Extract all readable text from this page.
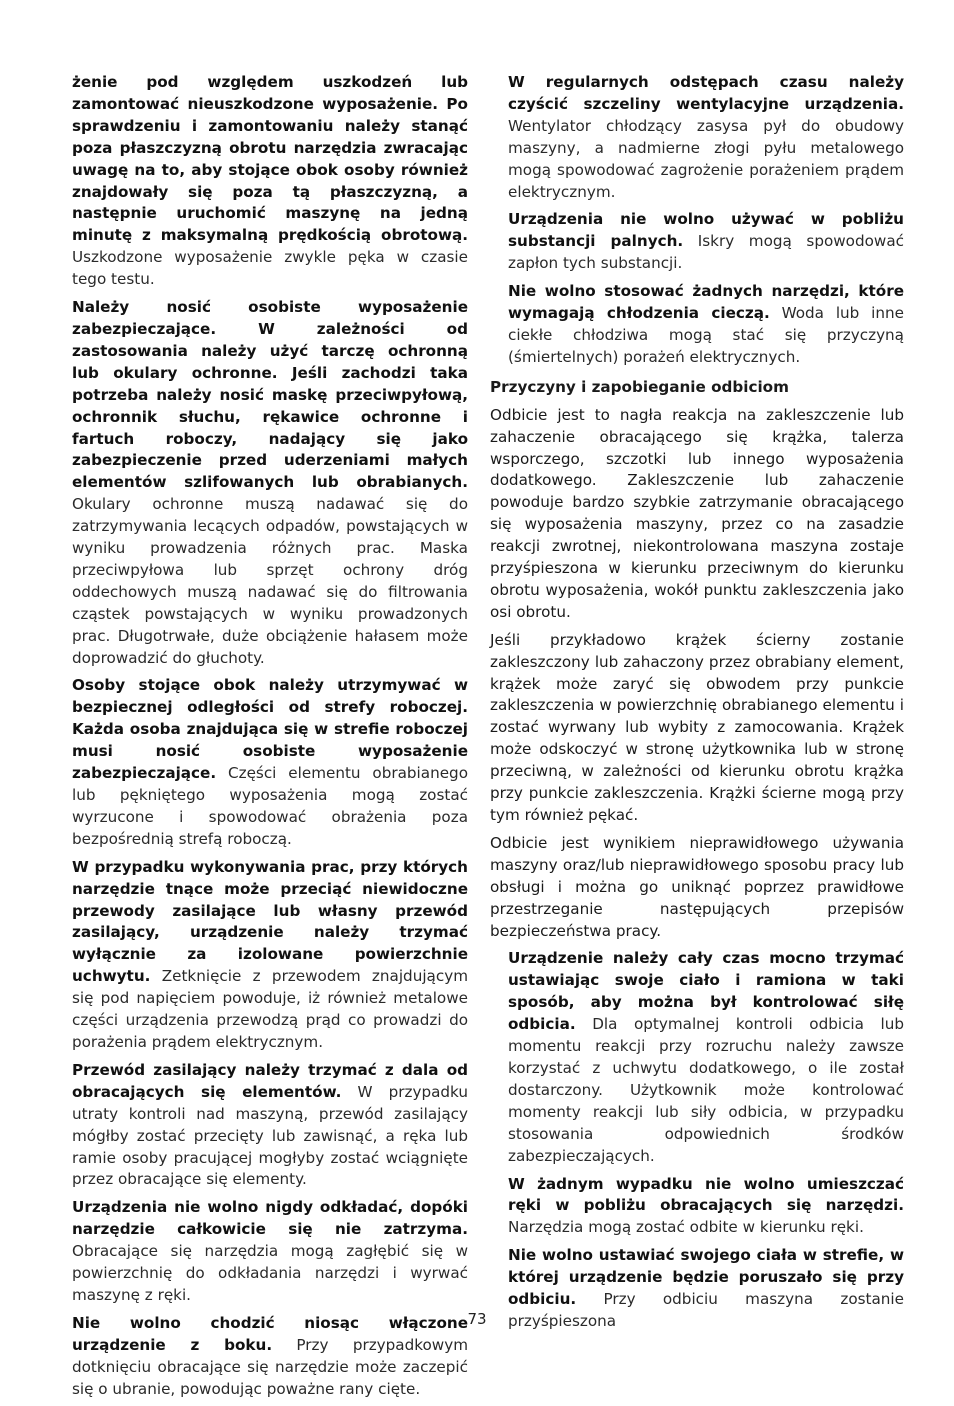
żenie pod względem uszkodzeń lub zamontować nieuszkodzone wyposażenie. Po sprawdzeniu i zamontowaniu należy stanąć poza płaszczyzną obrotu narzędzia zwracając uwagę na to, aby stojące obok osoby również znajdowały się poza tą płaszczyzną, a następnie uruchomić maszynę na jedną minutę z maksymalną prędkością obrotową. Uszkodzone wyposażenie zwykle pęka w czasie tego testu.

Należy nosić osobiste wyposażenie zabezpieczające. W zależności od zastosowania należy użyć tarczę ochronną lub okulary ochronne. Jeśli zachodzi taka potrzeba należy nosić maskę przeciwpyłową, ochronnik słuchu, rękawice ochronne i fartuch roboczy, nadający się jako zabezpieczenie przed uderzeniami małych elementów szlifowanych lub obrabianych. Okulary ochronne muszą nadawać się do zatrzymywania lecących odpadów, powstających w wyniku prowadzenia różnych prac. Maska przeciwpyłowa lub sprzęt ochrony dróg oddechowych muszą nadawać się do filtrowania cząstek powstających w wyniku prowadzonych prac. Długotrwałe, duże obciążenie hałasem może doprowadzić do głuchoty.

Osoby stojące obok należy utrzymywać w bezpiecznej odległości od strefy roboczej. Każda osoba znajdująca się w strefie roboczej musi nosić osobiste wyposażenie zabezpieczające. Części elementu obrabianego lub pękniętego wyposażenia mogą zostać wyrzucone i spowodować obrażenia poza bezpośrednią strefą roboczą.

W przypadku wykonywania prac, przy których narzędzie tnące może przeciąć niewidoczne przewody zasilające lub własny przewód zasilający, urządzenie należy trzymać wyłącznie za izolowane powierzchnie uchwytu. Zetknięcie z przewodem znajdującym się pod napięciem powoduje, iż również metalowe części urządzenia przewodzą prąd co prowadzi do porażenia prądem elektrycznym.

Przewód zasilający należy trzymać z dala od obracających się elementów. W przypadku utraty kontroli nad maszyną, przewód zasilający mógłby zostać przecięty lub zawisnąć, a ręka lub ramie osoby pracującej mogłyby zostać wciągnięte przez obracające się elementy.

Urządzenia nie wolno nigdy odkładać, dopóki narzędzie całkowicie się nie zatrzyma. Obracające się narzędzia mogą zagłębić się w powierzchnię do odkładania narzędzi i wyrwać maszynę z ręki.

Nie wolno chodzić niosąc włączone urządzenie z boku. Przy przypadkowym dotknięciu obracające się narzędzie może zaczepić się o ubranie, powodując poważne rany cięte.

W regularnych odstępach czasu należy czyścić szczeliny wentylacyjne urządzenia. Wentylator chłodzący zasysa pył do obudowy maszyny, a nadmierne złogi pyłu metalowego mogą spowodować zagrożenie porażeniem prądem elektrycznym.

Urządzenia nie wolno używać w pobliżu substancji palnych. Iskry mogą spowodować zapłon tych substancji.

Nie wolno stosować żadnych narzędzi, które wymagają chłodzenia cieczą. Woda lub inne ciekłe chłodziwa mogą stać się przyczyną (śmiertelnych) porażeń elektrycznych.

Przyczyny i zapobieganie odbiciom

Odbicie jest to nagła reakcja na zakleszczenie lub zahaczenie obracającego się krążka, talerza wsporczego, szczotki lub innego wyposażenia dodatkowego. Zakleszczenie lub zahaczenie powoduje bardzo szybkie zatrzymanie obracającego się wyposażenia maszyny, przez co na zasadzie reakcji zwrotnej, niekontrolowana maszyna zostaje przyśpieszona w kierunku przeciwnym do kierunku obrotu wyposażenia, wokół punktu zakleszczenia jako osi obrotu.

Jeśli przykładowo krążek ścierny zostanie zakleszczony lub zahaczony przez obrabiany element, krążek może zaryć się obwodem przy punkcie zakleszczenia w powierzchnię obrabianego elementu i zostać wyrwany lub wybity z zamocowania. Krążek może odskoczyć w stronę użytkownika lub w stronę przeciwną, w zależności od kierunku obrotu krążka przy punkcie zakleszczenia. Krążki ścierne mogą przy tym również pękać.

Odbicie jest wynikiem nieprawidłowego używania maszyny oraz/lub nieprawidłowego sposobu pracy lub obsługi i można go uniknąć poprzez prawidłowe przestrzeganie następujących przepisów bezpieczeństwa pracy.

Urządzenie należy cały czas mocno trzymać ustawiając swoje ciało i ramiona w taki sposób, aby można był kontrolować siłę odbicia. Dla optymalnej kontroli odbicia lub momentu reakcji przy rozruchu należy zawsze korzystać z uchwytu dodatkowego, o ile został dostarczony. Użytkownik może kontrolować momenty reakcji lub siły odbicia, w przypadku stosowania odpowiednich środków zabezpieczających.

W żadnym wypadku nie wolno umieszczać ręki w pobliżu obracających się narzędzi. Narzędzia mogą zostać odbite w kierunku ręki.

Nie wolno ustawiać swojego ciała w strefie, w której urządzenie będzie poruszało się przy odbiciu. Przy odbiciu maszyna zostanie przyśpieszona

73
